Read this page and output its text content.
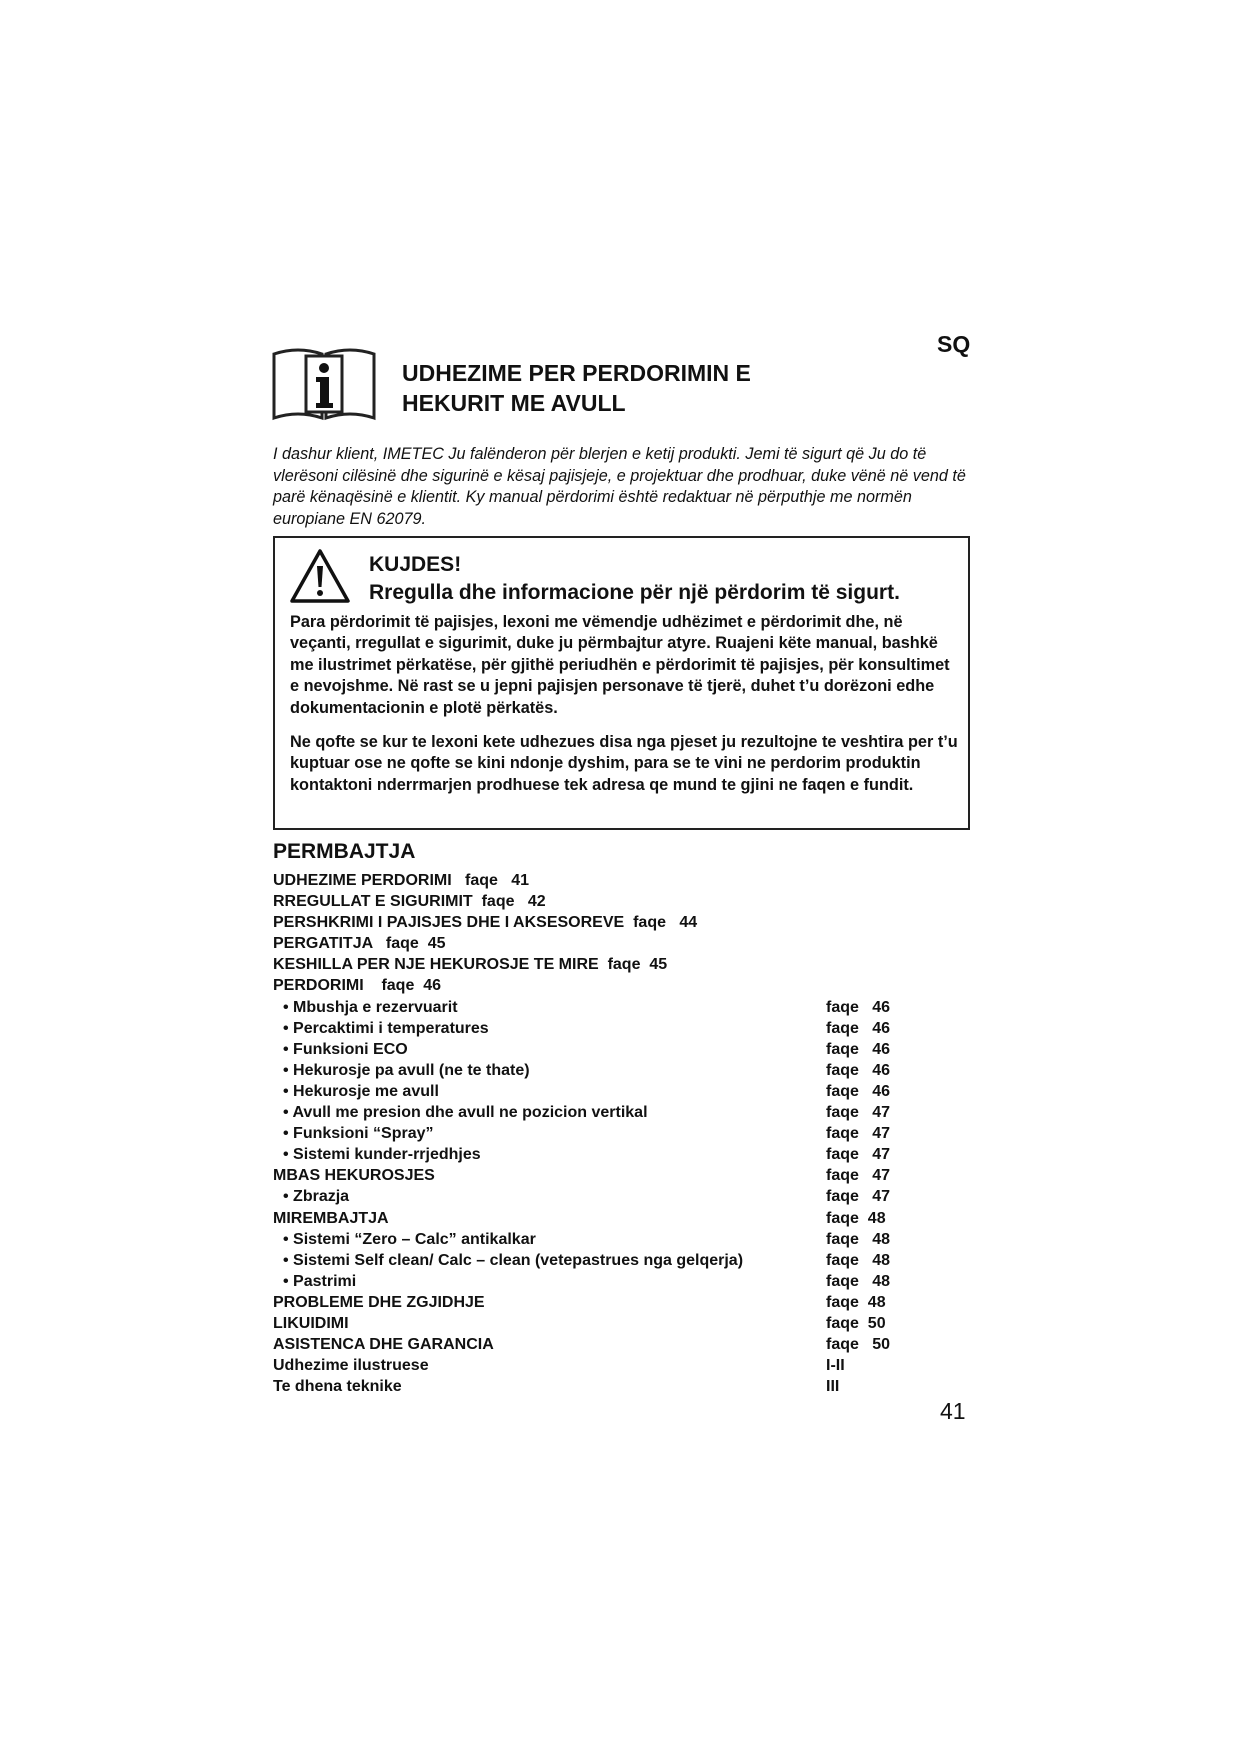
SQ
UDHEZIME PER PERDORIMIN E
HEKURIT ME AVULL
I dashur klient, IMETEC Ju falënderon për blerjen e ketij produkti. Jemi të sigurt që Ju do të vlerësoni cilësinë dhe sigurinë e kësaj pajisjeje, e projektuar dhe prodhuar, duke vënë në vend të parë kënaqësinë e klientit. Ky manual përdorimi është redaktuar në përputhje me normën europiane EN 62079.
KUJDES!
Rregulla dhe informacione për një përdorim të sigurt.
Para përdorimit të pajisjes, lexoni me vëmendje udhëzimet e përdorimit dhe, në veçanti, rregullat e sigurimit, duke ju përmbajtur atyre. Ruajeni këte manual, bashkë me ilustrimet përkatëse, për gjithë periudhën e përdorimit të pajisjes, për konsultimet e nevojshme. Në rast se u jepni pajisjen personave të tjerë, duhet t’u dorëzoni edhe dokumentacionin e plotë përkatës.
Ne qofte se kur te lexoni kete udhezues disa nga pjeset ju rezultojne te veshtira per t’u kuptuar ose ne qofte se kini ndonje dyshim, para se te vini ne perdorim produktin kontaktoni nderrmarjen prodhuese tek adresa qe mund te gjini ne faqen e fundit.
PERMBAJTJA
UDHEZIME PERDORIMI   faqe   41
RREGULLAT E SIGURIMIT  faqe   42
PERSHKRIMI I PAJISJES DHE I AKSESOREVE  faqe   44
PERGATITJA   faqe  45
KESHILLA PER NJE HEKUROSJE TE MIRE  faqe  45
PERDORIMI    faqe  46
• Mbushja e rezervuarit	faqe   46
• Percaktimi i temperatures	faqe   46
• Funksioni ECO	faqe   46
• Hekurosje pa avull (ne te thate)	faqe   46
• Hekurosje me avull	faqe   46
• Avull me presion dhe avull ne pozicion vertikal	faqe   47
• Funksioni “Spray”	faqe   47
• Sistemi kunder-rrjedhjes	faqe   47
MBAS HEKUROSJES	faqe   47
• Zbrazja	faqe   47
MIREMBAJTJA	faqe  48
• Sistemi “Zero – Calc” antikalkar	faqe   48
• Sistemi Self clean/ Calc – clean (vetepastrues nga gelqerja)	faqe   48
• Pastrimi	faqe   48
PROBLEME DHE ZGJIDHJE	faqe  48
LIKUIDIMI	faqe  50
ASISTENCA DHE GARANCIA	faqe   50
Udhezime ilustruese	I-II
Te dhena teknike	III
41
